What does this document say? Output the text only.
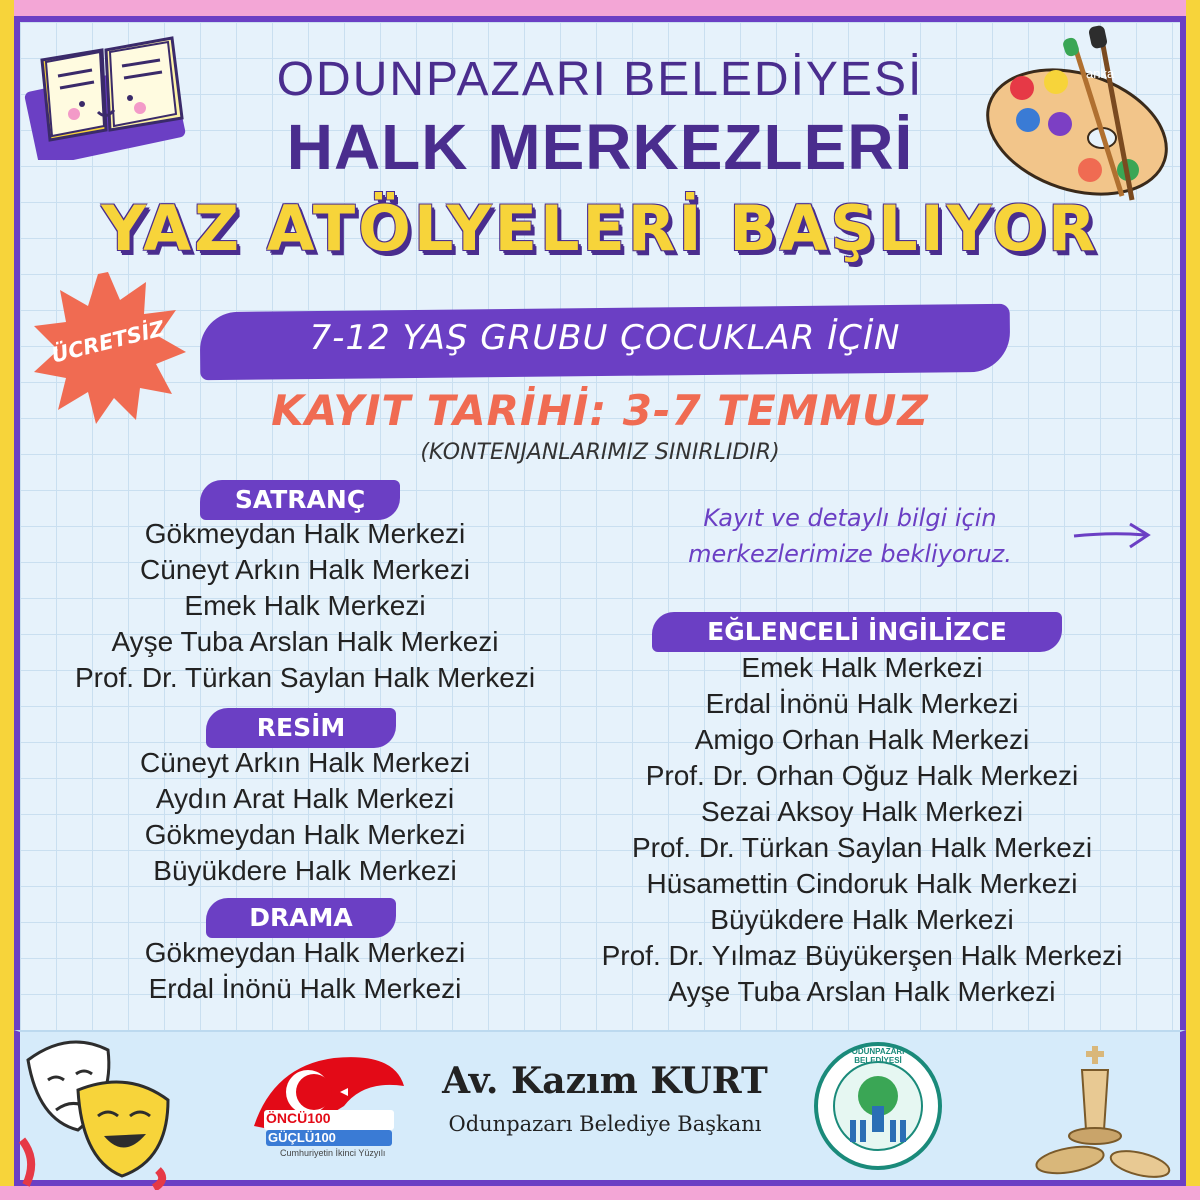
anka
ODUNPAZARI BELEDİYESİ
HALK MERKEZLERİ
YAZ ATÖLYELERİ BAŞLIYOR
ÜCRETSİZ	7-12 YAŞ GRUBU ÇOCUKLAR İÇİN
KAYIT TARİHİ: 3-7 TEMMUZ
(KONTENJANLARIMIZ SINIRLIDIR)
SATRANÇ
Gökmeydan Halk Merkezi
Cüneyt Arkın Halk Merkezi
Emek Halk Merkezi
Ayşe Tuba Arslan Halk Merkezi
Prof. Dr. Türkan Saylan Halk Merkezi
RESİM
Cüneyt Arkın Halk Merkezi
Aydın Arat Halk Merkezi
Gökmeydan Halk Merkezi
Büyükdere Halk Merkezi
DRAMA
Gökmeydan Halk Merkezi
Erdal İnönü Halk Merkezi
Kayıt ve detaylı bilgi için
merkezlerimize bekliyoruz.
EĞLENCELİ İNGİLİZCE
Emek Halk Merkezi
Erdal İnönü Halk Merkezi
Amigo Orhan Halk Merkezi
Prof. Dr. Orhan Oğuz Halk Merkezi
Sezai Aksoy Halk Merkezi
Prof. Dr. Türkan Saylan Halk Merkezi
Hüsamettin Cindoruk Halk Merkezi
Büyükdere Halk Merkezi
Prof. Dr. Yılmaz Büyükerşen Halk Merkezi
Ayşe Tuba Arslan Halk Merkezi
ÖNCÜ100
GÜÇLÜ100
Cumhuriyetin İkinci Yüzyılı
Av. Kazım KURT
Odunpazarı Belediye Başkanı
ODUNPAZARI BELEDİYESİ
